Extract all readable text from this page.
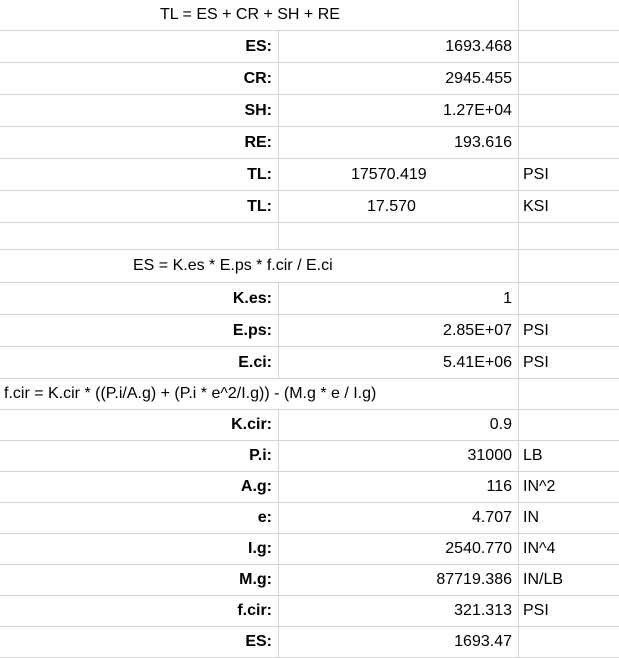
TL = ES + CR + SH + RE
ES:	1693.468
CR:	2945.455
SH:	1.27E+04
RE:	193.616
TL:	17570.419	PSI
TL:	17.570	KSI
ES = K.es * E.ps * f.cir / E.ci
K.es:	1
E.ps:	2.85E+07 PSI
E.ci:	5.41E+06 PSI
f.cir = K.cir * ((P.i/A.g) + (P.i * e^2/I.g)) - (M.g * e / I.g)
K.cir:	0.9
P.i:	31000 LB
A.g:	116 IN^2
e:	4.707 IN
I.g:	2540.770 IN^4
M.g:	87719.386 IN/LB
f.cir:	321.313 PSI
ES:	1693.47
